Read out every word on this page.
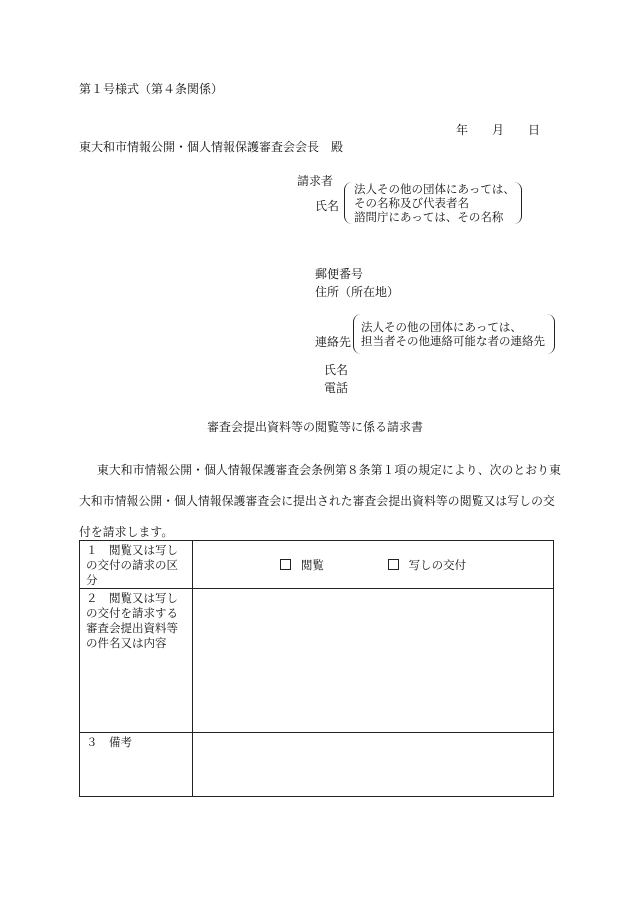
第１号様式（第４条関係）
年 月 日
東大和市情報公開・個人情報保護審査会会長　殿
請求者
氏名
法人その他の団体にあっては、
その名称及び代表者名
諮問庁にあっては、その名称
郵便番号
住所（所在地）
連絡先
法人その他の団体にあっては、
担当者その他連絡可能な者の連絡先
氏名
電話
審査会提出資料等の閲覧等に係る請求書
東大和市情報公開・個人情報保護審査会条例第８条第１項の規定により、次のとおり東大和市情報公開・個人情報保護審査会に提出された審査会提出資料等の閲覧又は写しの交付を請求します。
１　閲覧又は写しの交付の請求の区分	閲覧 写しの交付

２　閲覧又は写しの交付を請求する審査会提出資料等の件名又は内容	

３　備考	
